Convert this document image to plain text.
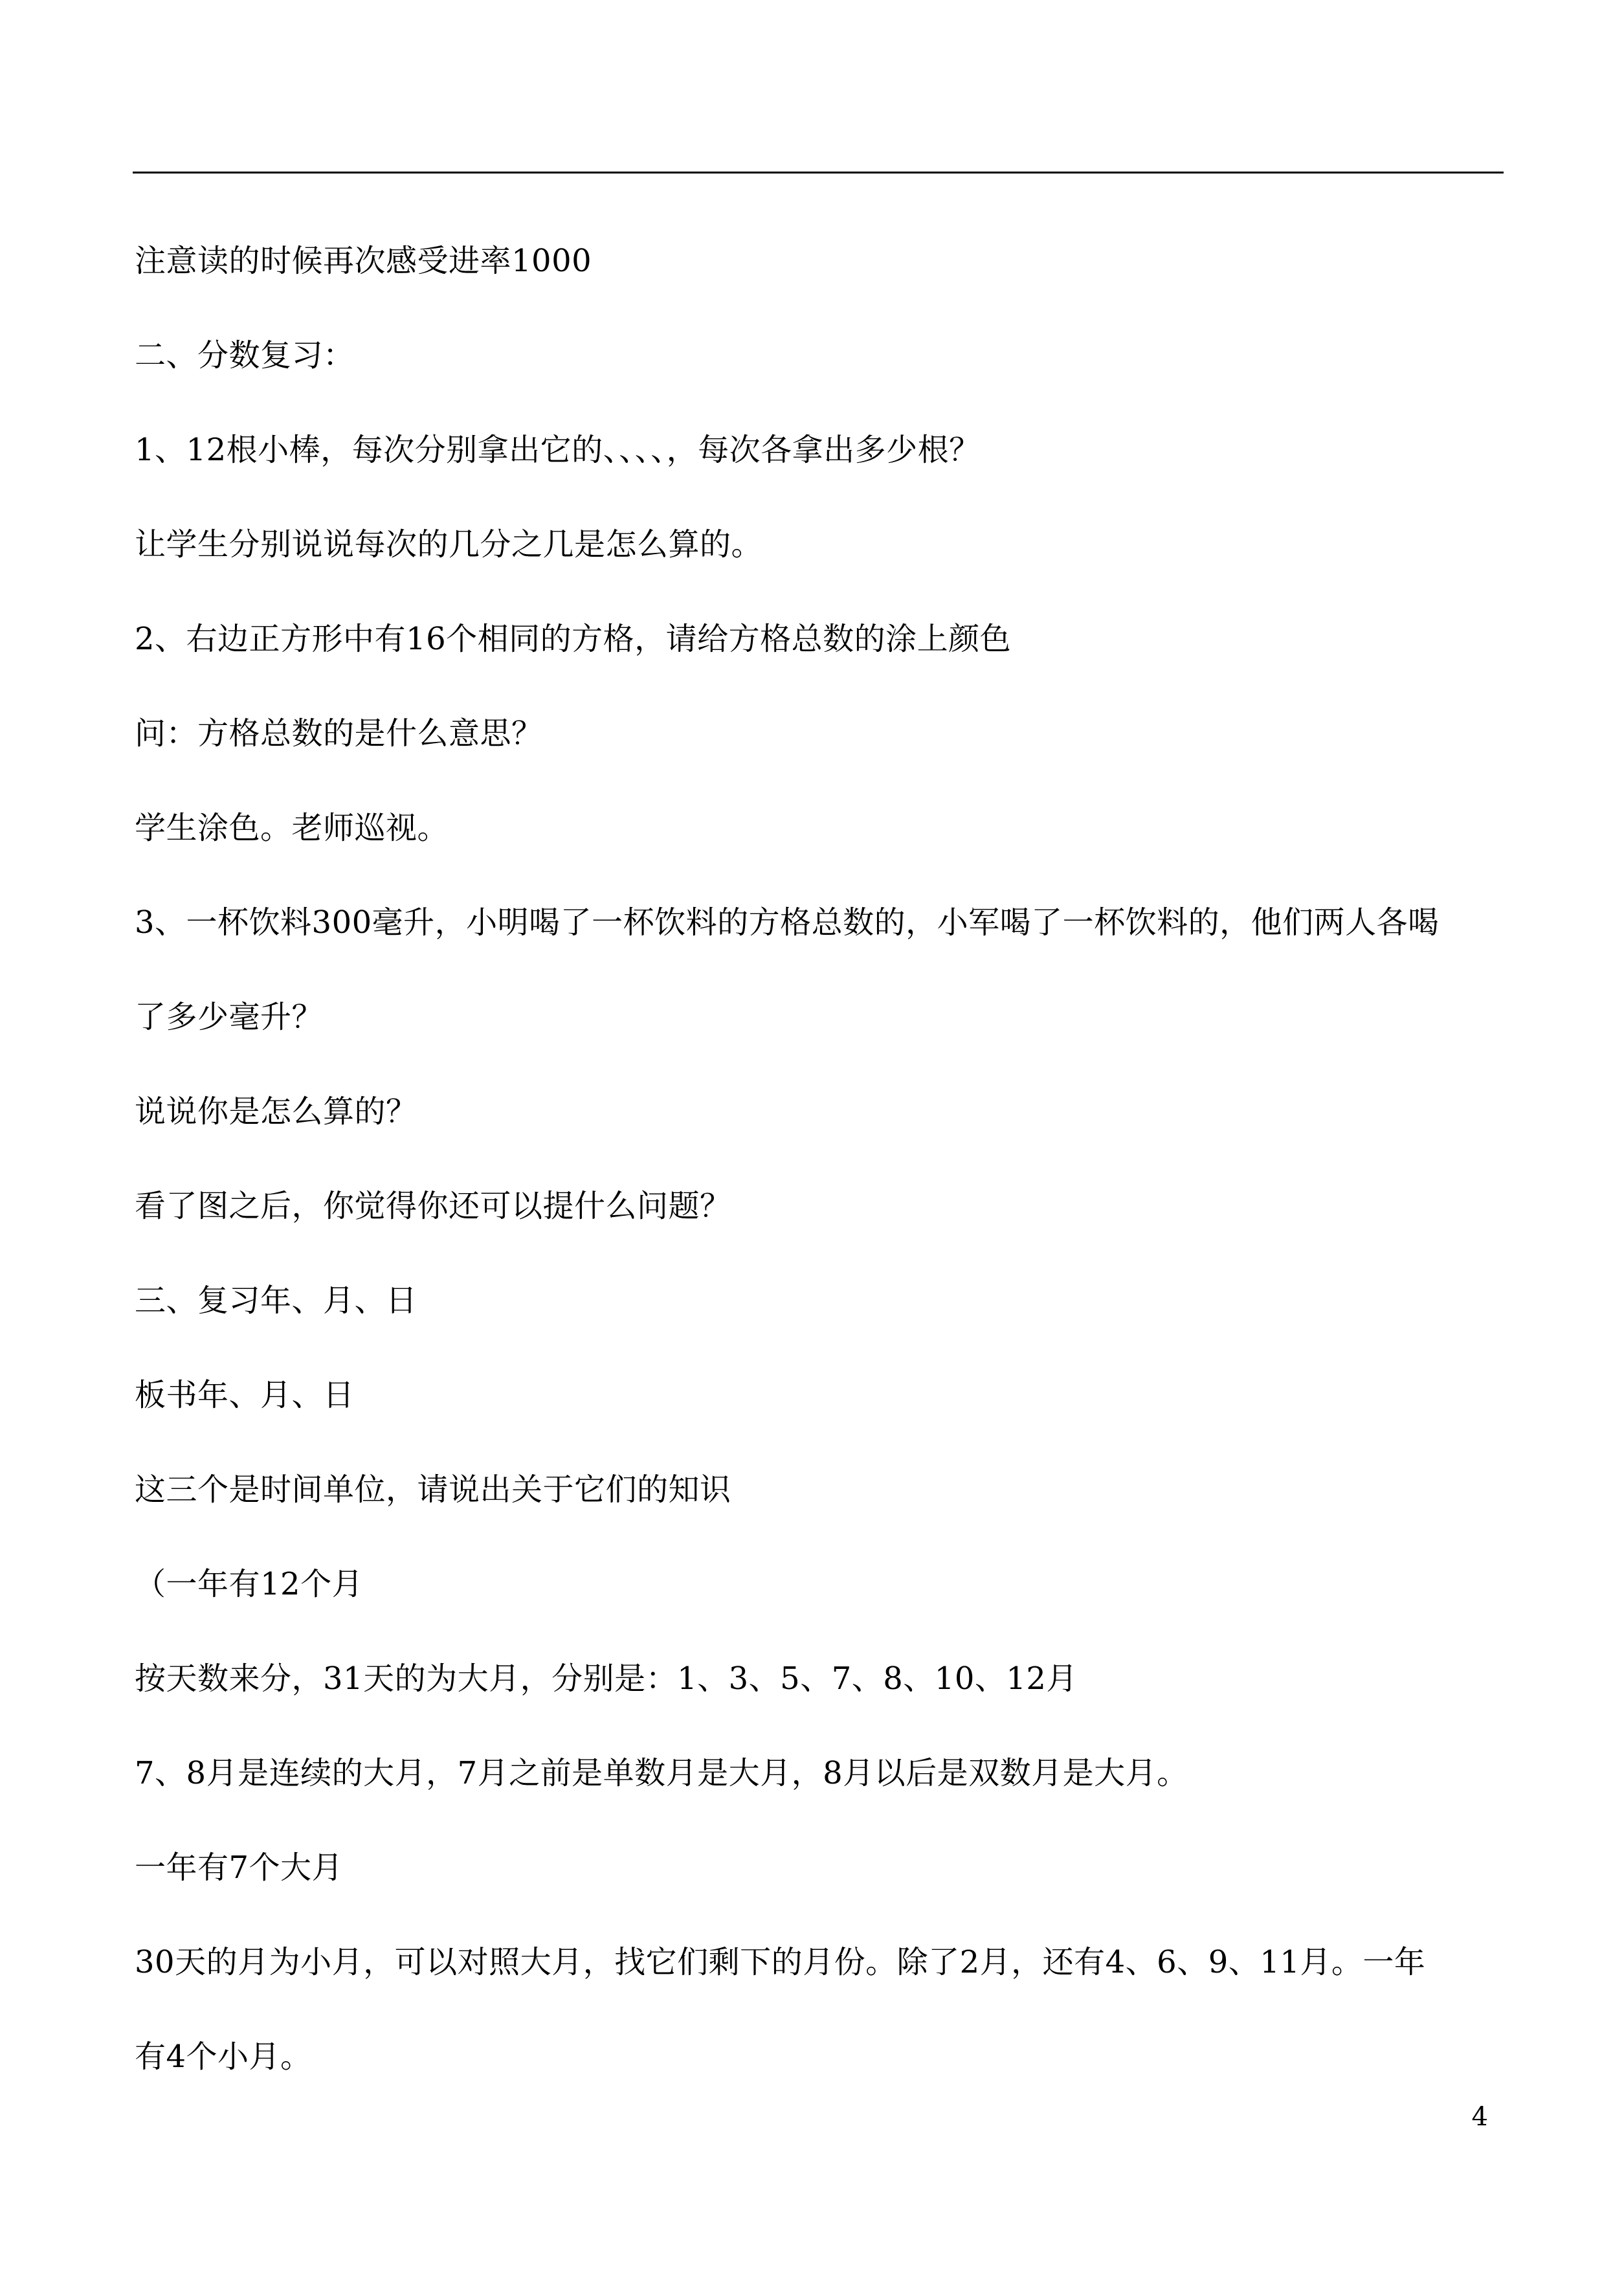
注意读的时候再次感受进率1000
二、分数复习：
1、12根小棒，每次分别拿出它的、、、、，每次各拿出多少根？
让学生分别说说每次的几分之几是怎么算的。
2、右边正方形中有16个相同的方格，请给方格总数的涂上颜色
问：方格总数的是什么意思？
学生涂色。老师巡视。
3、一杯饮料300毫升，小明喝了一杯饮料的方格总数的，小军喝了一杯饮料的，他们两人各喝
了多少毫升？
说说你是怎么算的？
看了图之后，你觉得你还可以提什么问题？
三、复习年、月、日
板书年、月、日
这三个是时间单位，请说出关于它们的知识
（一年有12个月
按天数来分，31天的为大月，分别是：1、3、5、7、8、10、12月
7、8月是连续的大月，7月之前是单数月是大月，8月以后是双数月是大月。
一年有7个大月
30天的月为小月，可以对照大月，找它们剩下的月份。除了2月，还有4、6、9、11月。一年
有4个小月。
4
